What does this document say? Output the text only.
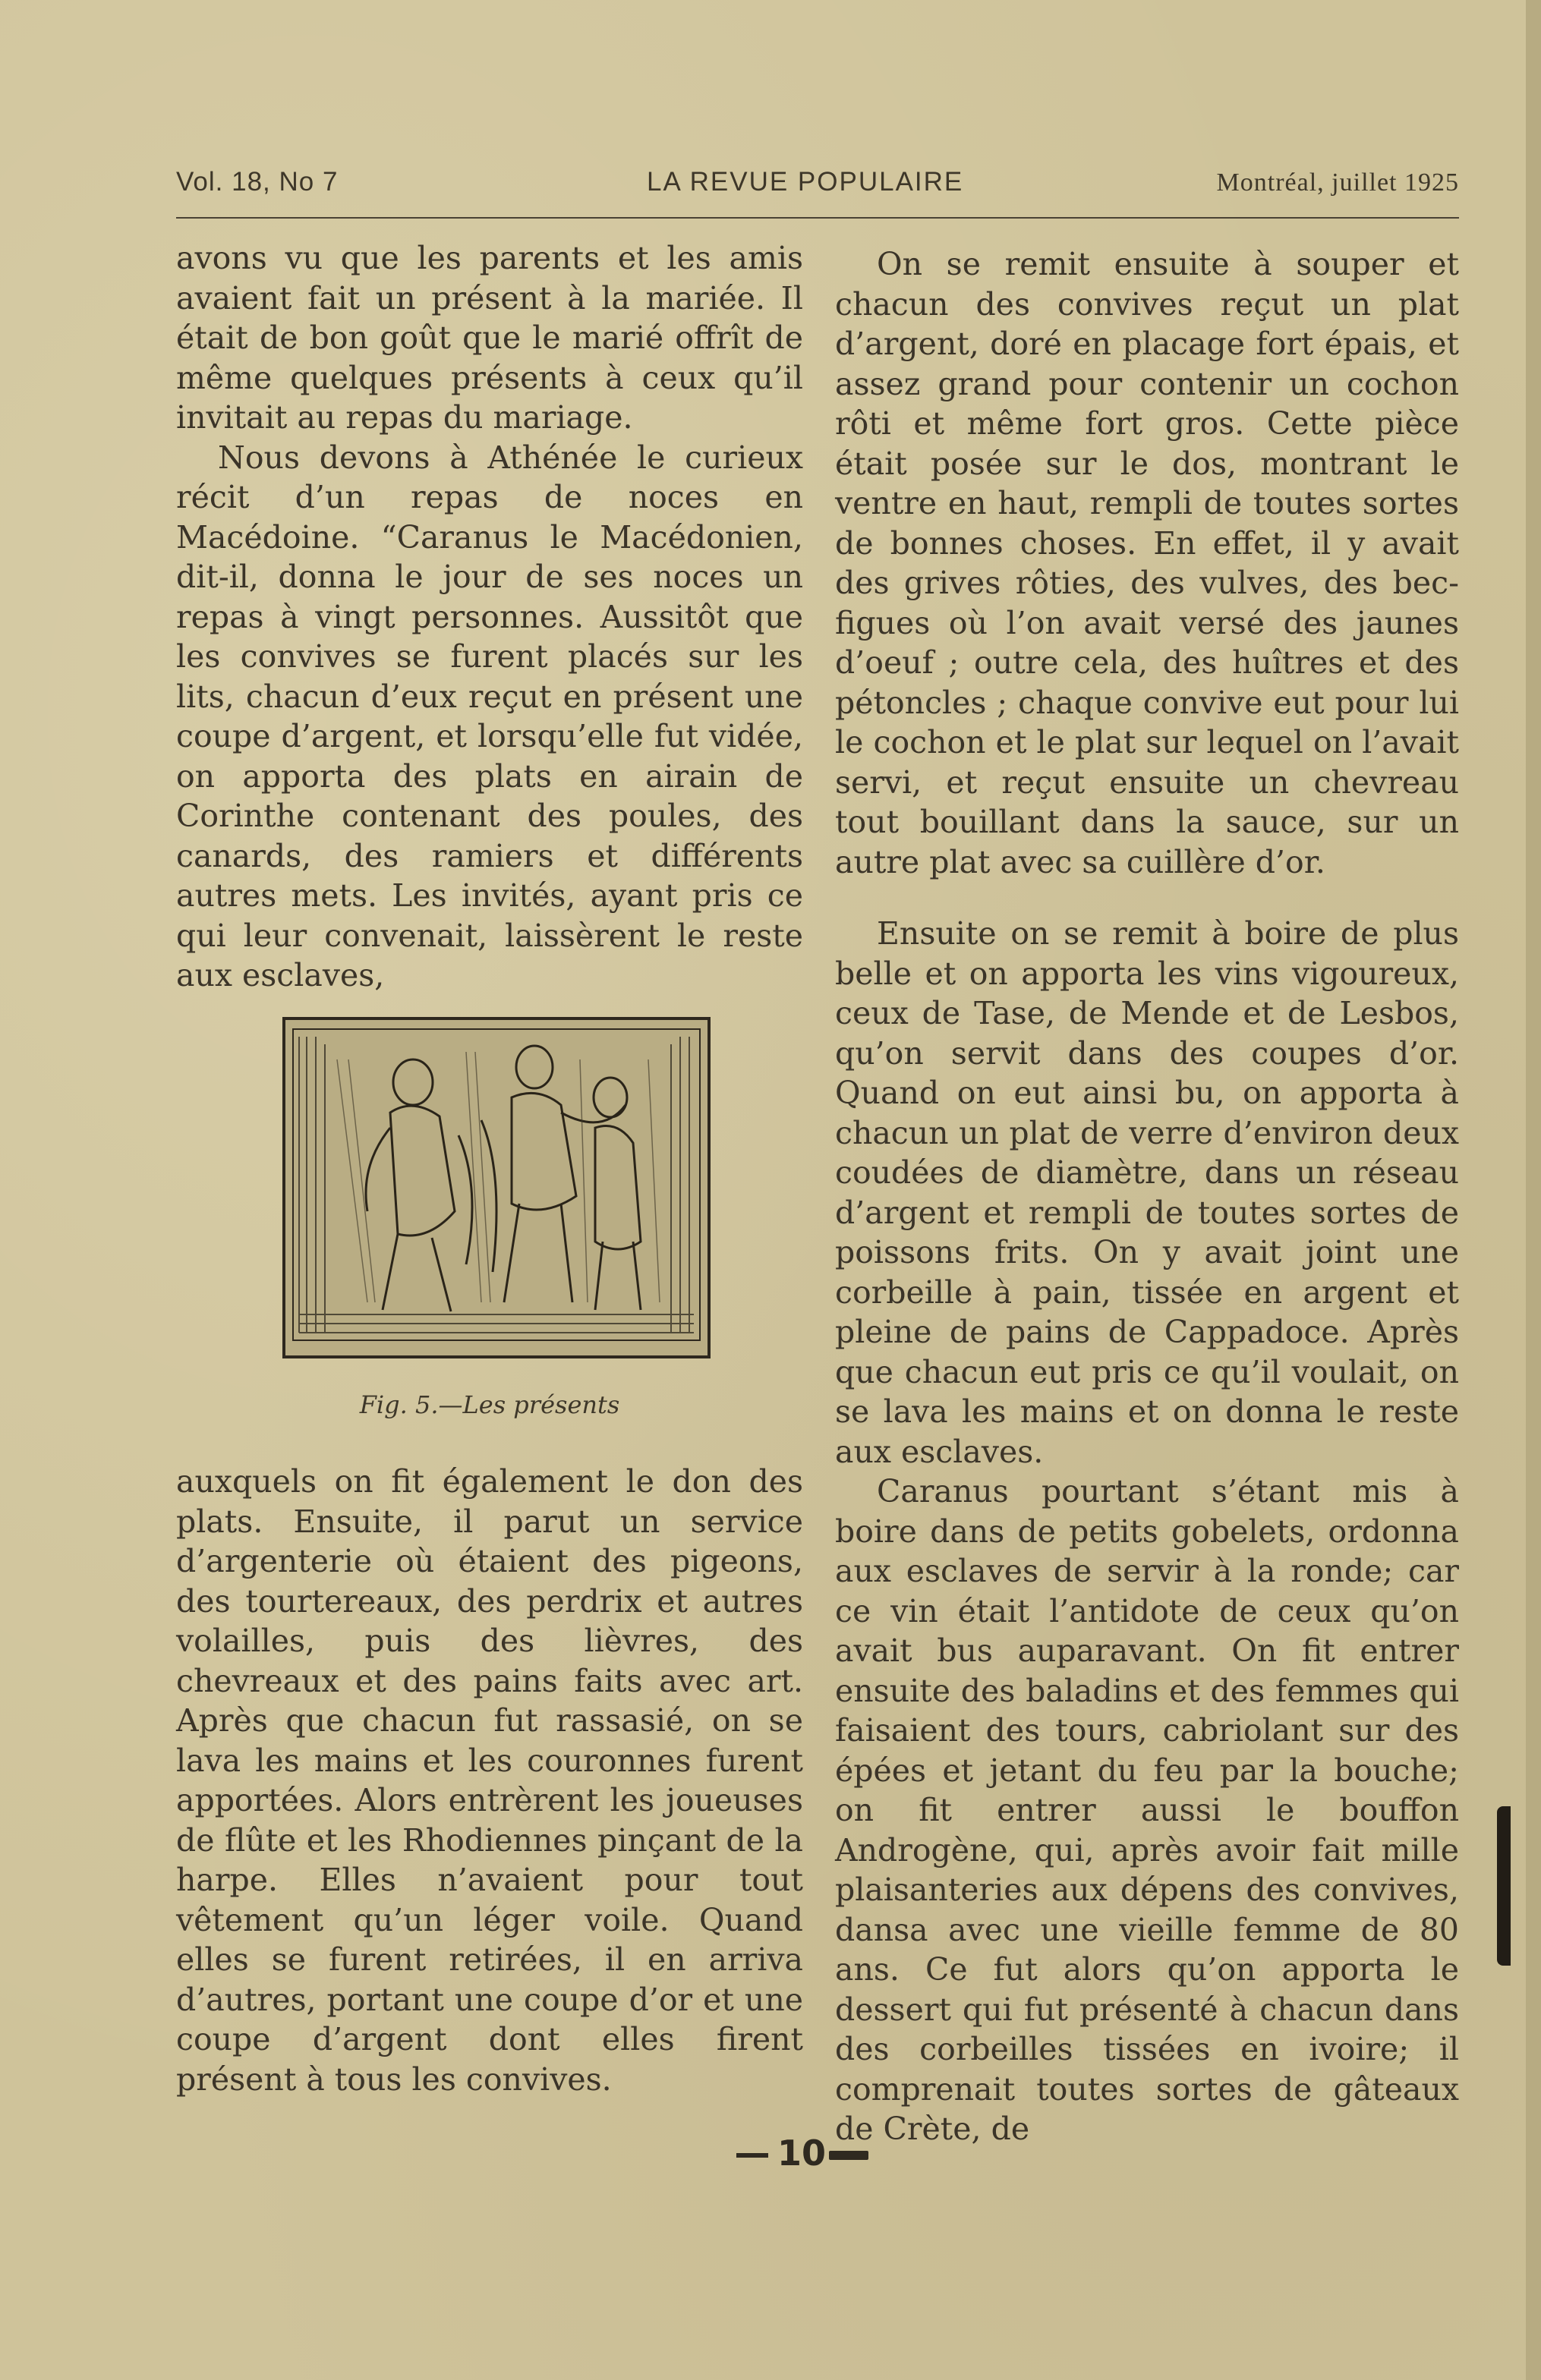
Vol. 18, No 7	LA REVUE POPULAIRE	Montréal, juillet 1925

avons vu que les parents et les amis avaient fait un présent à la mariée. Il était de bon goût que le marié offrît de même quelques présents à ceux qu’il invitait au repas du mariage.

Nous devons à Athénée le curieux récit d’un repas de noces en Macédoine. “Caranus le Macédonien, dit-il, donna le jour de ses noces un repas à vingt personnes. Aussitôt que les convives se furent placés sur les lits, chacun d’eux reçut en présent une coupe d’argent, et lorsqu’elle fut vidée, on apporta des plats en airain de Corinthe contenant des poules, des canards, des ramiers et différents autres mets. Les invités, ayant pris ce qui leur convenait, laissèrent le reste aux esclaves,

Fig. 5.—Les présents

auxquels on fit également le don des plats. Ensuite, il parut un service d’argenterie où étaient des pigeons, des tourtereaux, des perdrix et autres volailles, puis des lièvres, des chevreaux et des pains faits avec art. Après que chacun fut rassasié, on se lava les mains et les couronnes furent apportées. Alors entrèrent les joueuses de flûte et les Rhodiennes pinçant de la harpe. Elles n’avaient pour tout vêtement qu’un léger voile. Quand elles se furent retirées, il en arriva d’autres, portant une coupe d’or et une coupe d’argent dont elles firent présent à tous les convives.

On se remit ensuite à souper et chacun des convives reçut un plat d’argent, doré en placage fort épais, et assez grand pour contenir un cochon rôti et même fort gros. Cette pièce était posée sur le dos, montrant le ventre en haut, rempli de toutes sortes de bonnes choses. En effet, il y avait des grives rôties, des vulves, des bec-figues où l’on avait versé des jaunes d’oeuf ; outre cela, des huîtres et des pétoncles ; chaque convive eut pour lui le cochon et le plat sur lequel on l’avait servi, et reçut ensuite un chevreau tout bouillant dans la sauce, sur un autre plat avec sa cuillère d’or.

Ensuite on se remit à boire de plus belle et on apporta les vins vigoureux, ceux de Tase, de Mende et de Lesbos, qu’on servit dans des coupes d’or. Quand on eut ainsi bu, on apporta à chacun un plat de verre d’environ deux coudées de diamètre, dans un réseau d’argent et rempli de toutes sortes de poissons frits. On y avait joint une corbeille à pain, tissée en argent et pleine de pains de Cappadoce. Après que chacun eut pris ce qu’il voulait, on se lava les mains et on donna le reste aux esclaves.

Caranus pourtant s’étant mis à boire dans de petits gobelets, ordonna aux esclaves de servir à la ronde; car ce vin était l’antidote de ceux qu’on avait bus auparavant. On fit entrer ensuite des baladins et des femmes qui faisaient des tours, cabriolant sur des épées et jetant du feu par la bouche; on fit entrer aussi le bouffon Androgène, qui, après avoir fait mille plaisanteries aux dépens des convives, dansa avec une vieille femme de 80 ans. Ce fut alors qu’on apporta le dessert qui fut présenté à chacun dans des corbeilles tissées en ivoire; il comprenait toutes sortes de gâteaux de Crète, de

10
